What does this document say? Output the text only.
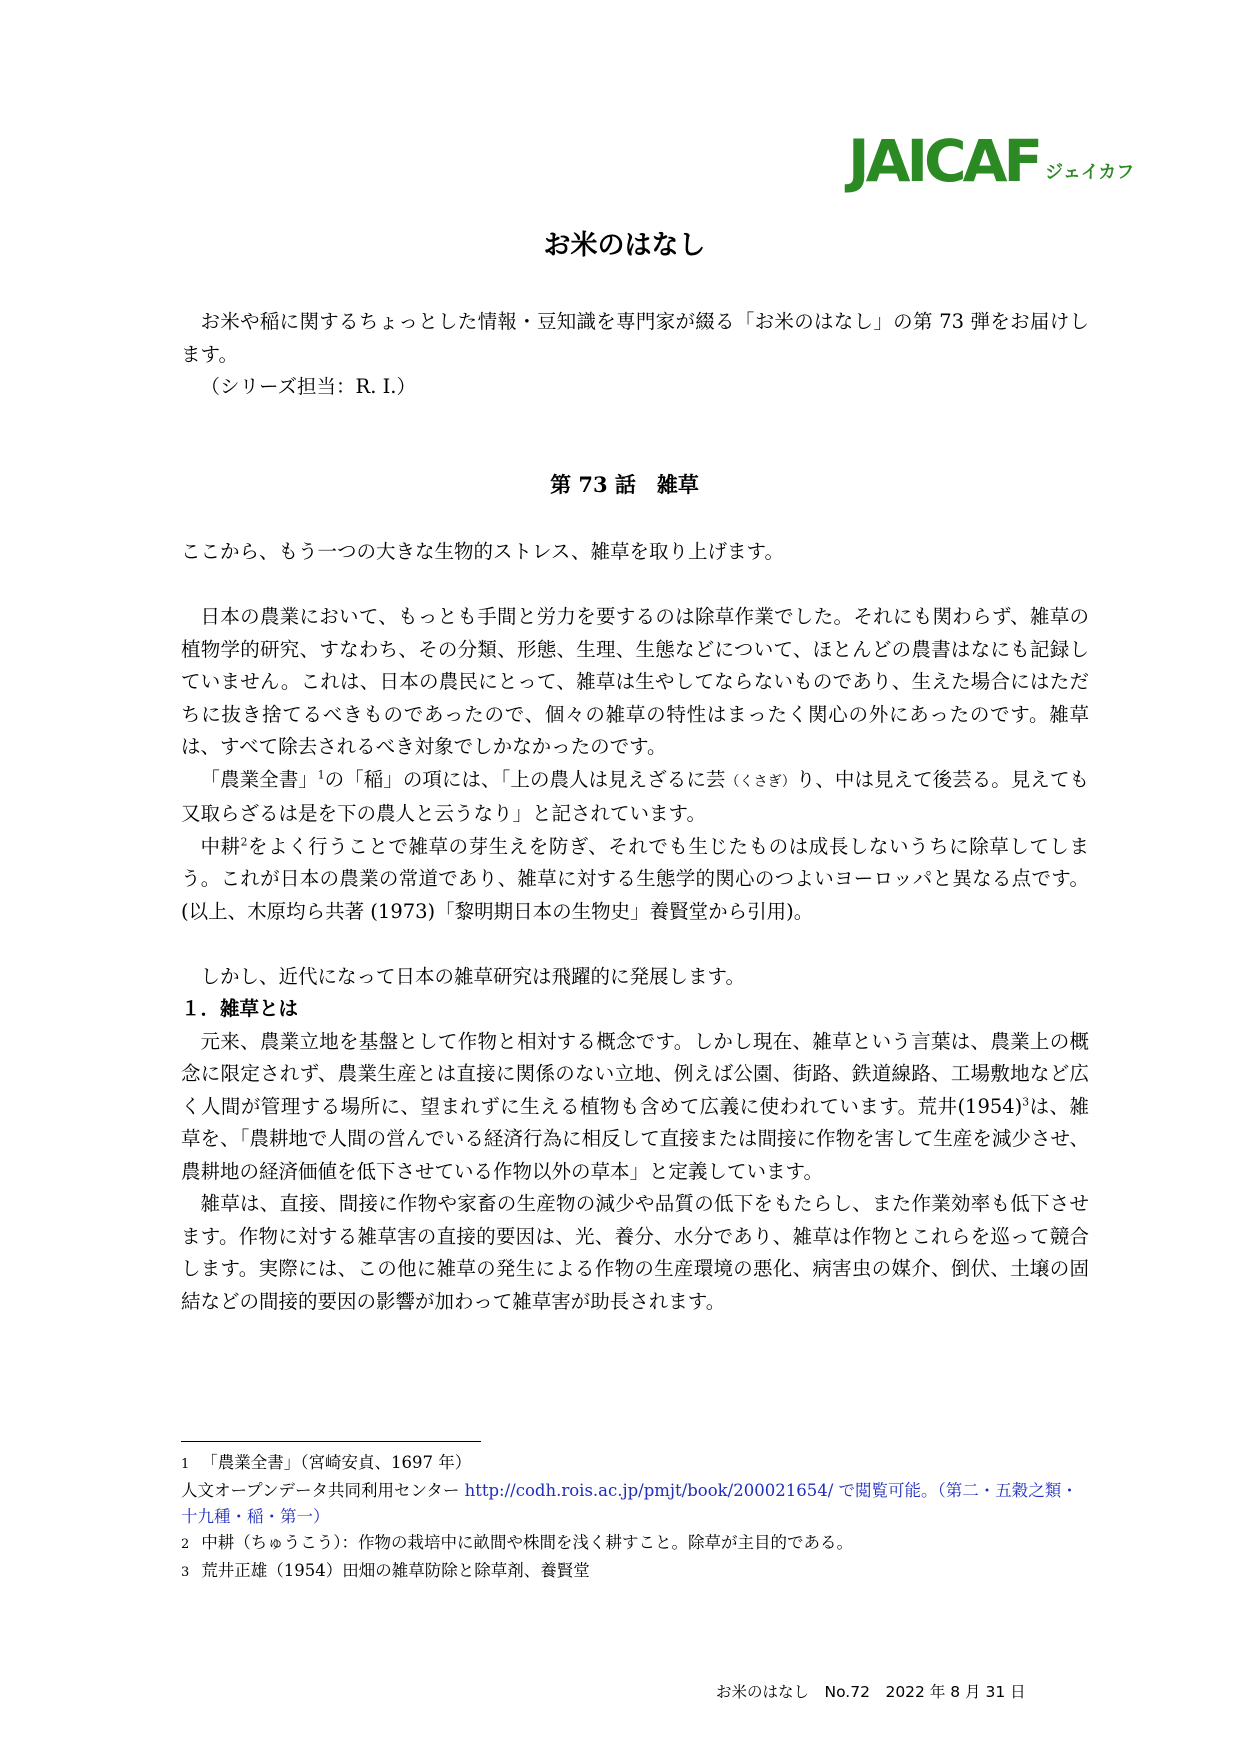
JAICAF ジェイカフ
お米のはなし

お米や稲に関するちょっとした情報・豆知識を専門家が綴る「お米のはなし」の第 73 弾をお届けします。

（シリーズ担当：R. I.）

第 73 話　雑草

ここから、もう一つの大きな生物的ストレス、雑草を取り上げます。

日本の農業において、もっとも手間と労力を要するのは除草作業でした。それにも関わらず、雑草の植物学的研究、すなわち、その分類、形態、生理、生態などについて、ほとんどの農書はなにも記録していません。これは、日本の農民にとって、雑草は生やしてならないものであり、生えた場合にはただちに抜き捨てるべきものであったので、個々の雑草の特性はまったく関心の外にあったのです。雑草は、すべて除去されるべき対象でしかなかったのです。

「農業全書」$^1$の「稲」の項には、「上の農人は見えざるに芸（くさぎ）り、中は見えて後芸る。見えても又取らざるは是を下の農人と云うなり」と記されています。

中耕$^2$をよく行うことで雑草の芽生えを防ぎ、それでも生じたものは成長しないうちに除草してしまう。これが日本の農業の常道であり、雑草に対する生態学的関心のつよいヨーロッパと異なる点です。(以上、木原均ら共著 (1973)「黎明期日本の生物史」養賢堂から引用)。

しかし、近代になって日本の雑草研究は飛躍的に発展します。

１．雑草とは

元来、農業立地を基盤として作物と相対する概念です。しかし現在、雑草という言葉は、農業上の概念に限定されず、農業生産とは直接に関係のない立地、例えば公園、街路、鉄道線路、工場敷地など広く人間が管理する場所に、望まれずに生える植物も含めて広義に使われています。荒井$(1954)^3$は、雑草を、「農耕地で人間の営んでいる経済行為に相反して直接または間接に作物を害して生産を減少させ、農耕地の経済価値を低下させている作物以外の草本」と定義しています。

雑草は、直接、間接に作物や家畜の生産物の減少や品質の低下をもたらし、また作業効率も低下させます。作物に対する雑草害の直接的要因は、光、養分、水分であり、雑草は作物とこれらを巡って競合します。実際には、この他に雑草の発生による作物の生産環境の悪化、病害虫の媒介、倒伏、土壌の固結などの間接的要因の影響が加わって雑草害が助長されます。

1 「農業全書」（宮崎安貞、1697 年）

人文オープンデータ共同利用センター http://codh.rois.ac.jp/pmjt/book/200021654/ で閲覧可能。（第二・五穀之類・十九種・稲・第一）

2 中耕（ちゅうこう）：作物の栽培中に畝間や株間を浅く耕すこと。除草が主目的である。

3 荒井正雄（1954）田畑の雑草防除と除草剤、養賢堂

お米のはなし　No.72　2022 年 8 月 31 日
